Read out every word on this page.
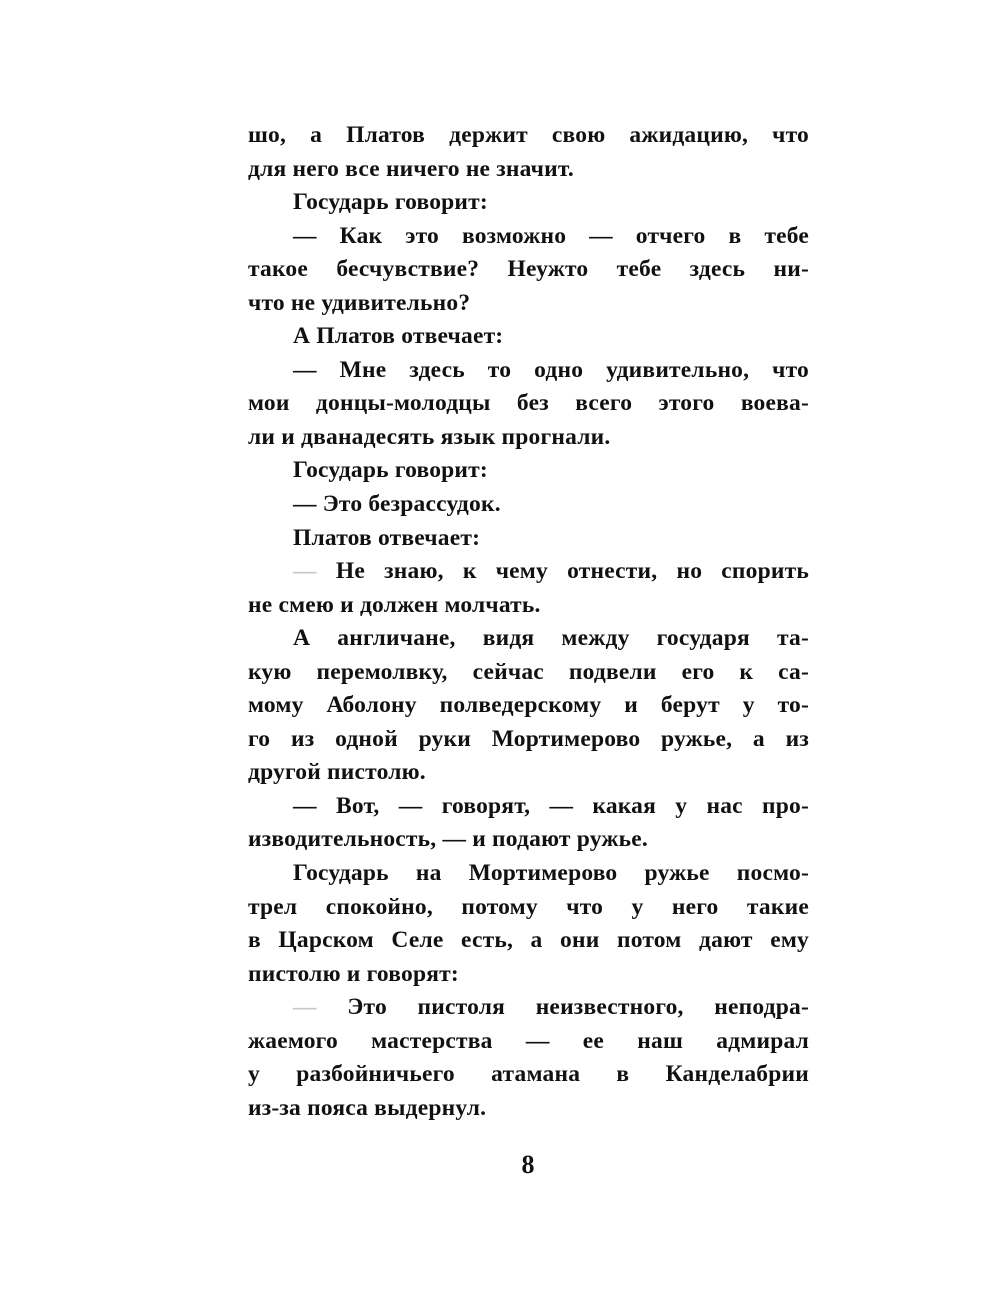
шо, а Платов держит свою ажидацию, что
для него все ничего не значит.
Государь говорит:
— Как это возможно — отчего в тебе
такое бесчувствие? Неужто тебе здесь ни-
что не удивительно?
А Платов отвечает:
— Мне здесь то одно удивительно, что
мои донцы-молодцы без всего этого воева-
ли и дванадесять язык прогнали.
Государь говорит:
— Это безрассудок.
Платов отвечает:
— Не знаю, к чему отнести, но спорить
не смею и должен молчать.
А англичане, видя между государя та-
кую перемолвку, сейчас подвели его к са-
мому Аболону полведерскому и берут у то-
го из одной руки Мортимерово ружье, а из
другой пистолю.
— Вот, — говорят, — какая у нас про-
изводительность, — и подают ружье.
Государь на Мортимерово ружье посмо-
трел спокойно, потому что у него такие
в Царском Селе есть, а они потом дают ему
пистолю и говорят:
— Это пистоля неизвестного, неподра-
жаемого мастерства — ее наш адмирал
у разбойничьего атамана в Канделабрии
из-за пояса выдернул.
8
